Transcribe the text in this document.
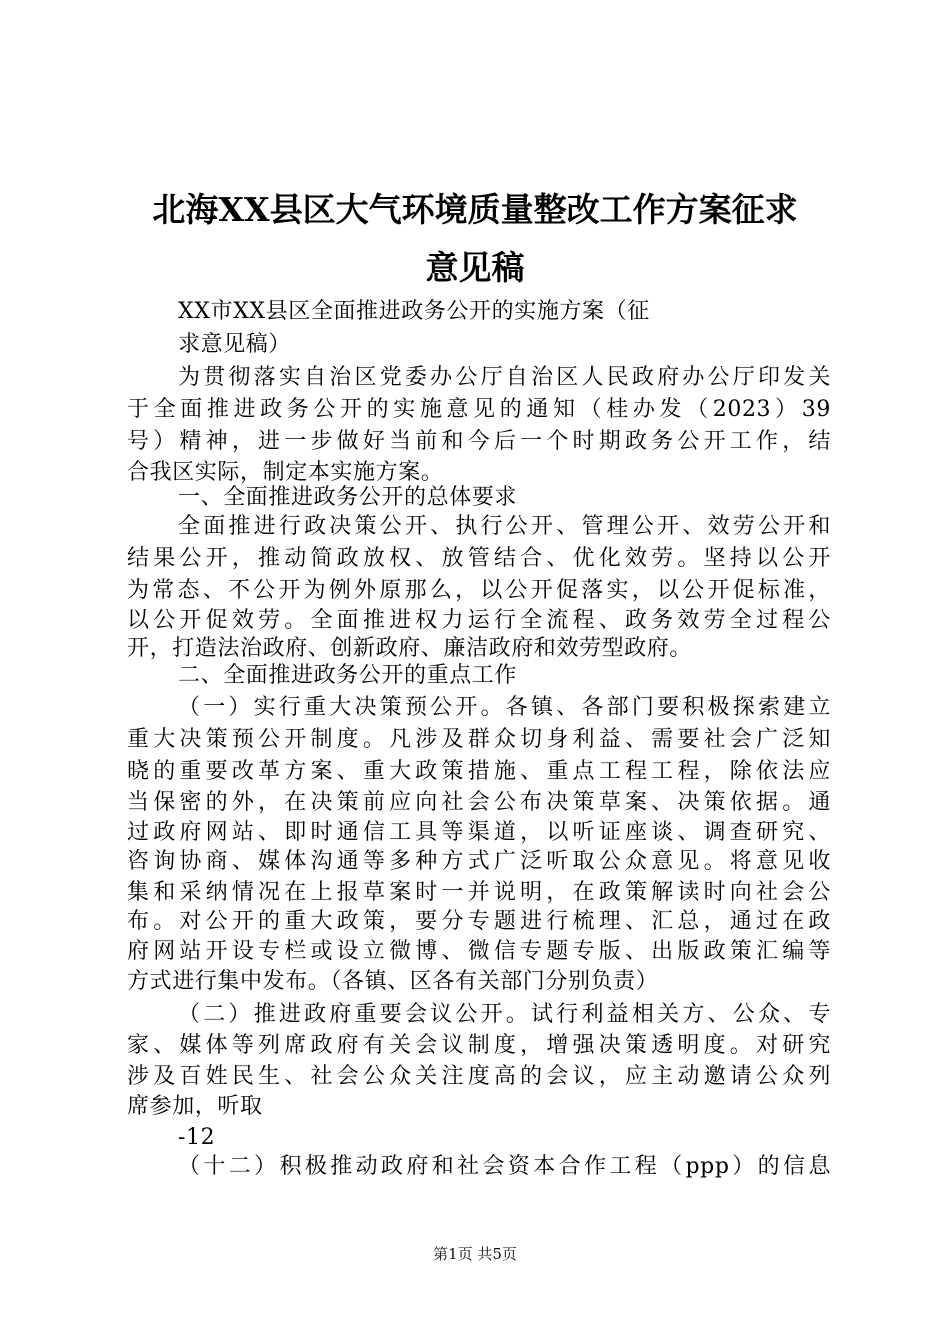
北海XX县区大气环境质量整改工作方案征求
意见稿
XX市XX县区全面推进政务公开的实施方案（征
求意见稿）
为贯彻落实自治区党委办公厅自治区人民政府办公厅印发关
于全面推进政务公开的实施意见的通知（桂办发（2023）39
号）精神，进一步做好当前和今后一个时期政务公开工作，结
合我区实际，制定本实施方案。
一、全面推进政务公开的总体要求
全面推进行政决策公开、执行公开、管理公开、效劳公开和
结果公开，推动简政放权、放管结合、优化效劳。坚持以公开
为常态、不公开为例外原那么，以公开促落实，以公开促标准，
以公开促效劳。全面推进权力运行全流程、政务效劳全过程公
开，打造法治政府、创新政府、廉洁政府和效劳型政府。
二、全面推进政务公开的重点工作
（一）实行重大决策预公开。各镇、各部门要积极探索建立
重大决策预公开制度。凡涉及群众切身利益、需要社会广泛知
晓的重要改革方案、重大政策措施、重点工程工程，除依法应
当保密的外，在决策前应向社会公布决策草案、决策依据。通
过政府网站、即时通信工具等渠道，以听证座谈、调查研究、
咨询协商、媒体沟通等多种方式广泛听取公众意见。将意见收
集和采纳情况在上报草案时一并说明，在政策解读时向社会公
布。对公开的重大政策，要分专题进行梳理、汇总，通过在政
府网站开设专栏或设立微博、微信专题专版、出版政策汇编等
方式进行集中发布。（各镇、区各有关部门分别负责）
（二）推进政府重要会议公开。试行利益相关方、公众、专
家、媒体等列席政府有关会议制度，增强决策透明度。对研究
涉及百姓民生、社会公众关注度高的会议，应主动邀请公众列
席参加，听取
-12
（十二）积极推动政府和社会资本合作工程（ppp）的信息
第1页 共5页
